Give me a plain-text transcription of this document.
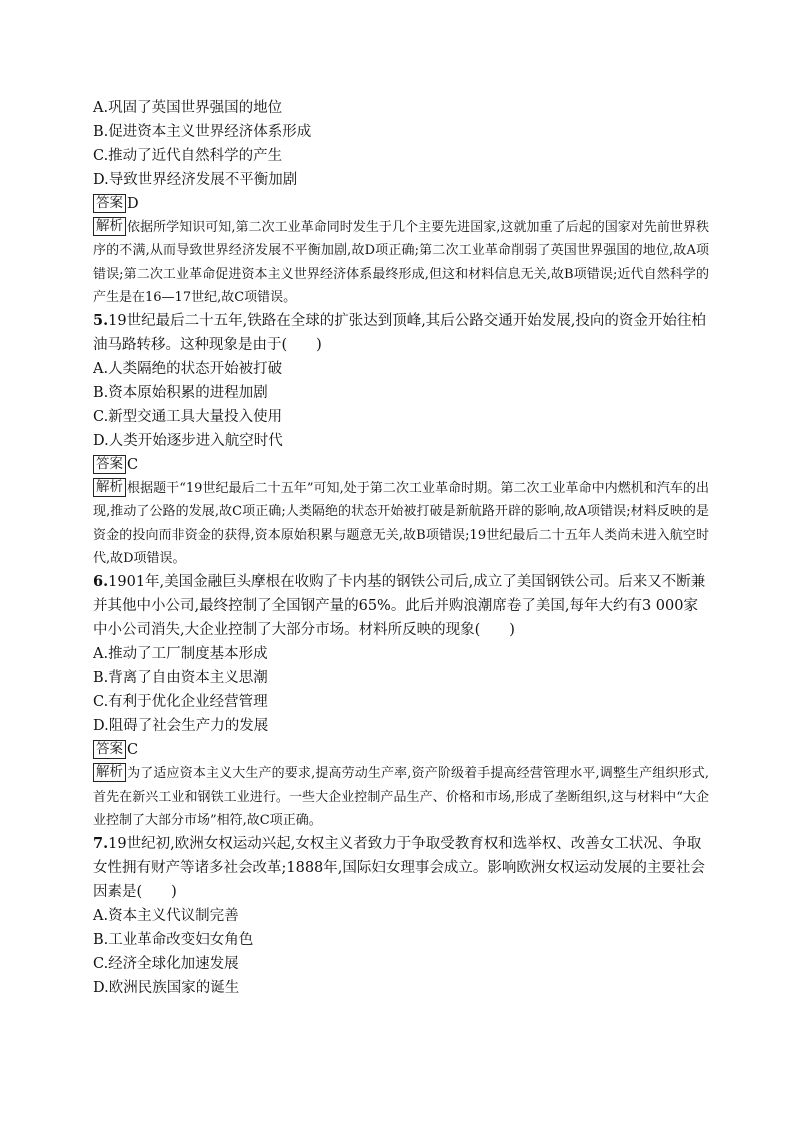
A.巩固了英国世界强国的地位

B.促进资本主义世界经济体系形成

C.推动了近代自然科学的产生

D.导致世界经济发展不平衡加剧

答案 D

解析 依据所学知识可知,第二次工业革命同时发生于几个主要先进国家,这就加重了后起的国家对先前世界秩序的不满,从而导致世界经济发展不平衡加剧,故D项正确;第二次工业革命削弱了英国世界强国的地位,故A项错误;第二次工业革命促进资本主义世界经济体系最终形成,但这和材料信息无关,故B项错误;近代自然科学的产生是在16—17世纪,故C项错误。

5.19世纪最后二十五年,铁路在全球的扩张达到顶峰,其后公路交通开始发展,投向的资金开始往柏油马路转移。这种现象是由于(　　)

A.人类隔绝的状态开始被打破

B.资本原始积累的进程加剧

C.新型交通工具大量投入使用

D.人类开始逐步进入航空时代

答案 C

解析 根据题干“19世纪最后二十五年”可知,处于第二次工业革命时期。第二次工业革命中内燃机和汽车的出现,推动了公路的发展,故C项正确;人类隔绝的状态开始被打破是新航路开辟的影响,故A项错误;材料反映的是资金的投向而非资金的获得,资本原始积累与题意无关,故B项错误;19世纪最后二十五年人类尚未进入航空时代,故D项错误。

6.1901年,美国金融巨头摩根在收购了卡内基的钢铁公司后,成立了美国钢铁公司。后来又不断兼并其他中小公司,最终控制了全国钢产量的65%。此后并购浪潮席卷了美国,每年大约有3 000家中小公司消失,大企业控制了大部分市场。材料所反映的现象(　　)

A.推动了工厂制度基本形成

B.背离了自由资本主义思潮

C.有利于优化企业经营管理

D.阻碍了社会生产力的发展

答案 C

解析 为了适应资本主义大生产的要求,提高劳动生产率,资产阶级着手提高经营管理水平,调整生产组织形式,首先在新兴工业和钢铁工业进行。一些大企业控制产品生产、价格和市场,形成了垄断组织,这与材料中“大企业控制了大部分市场”相符,故C项正确。

7.19世纪初,欧洲女权运动兴起,女权主义者致力于争取受教育权和选举权、改善女工状况、争取女性拥有财产等诸多社会改革;1888年,国际妇女理事会成立。影响欧洲女权运动发展的主要社会因素是(　　)

A.资本主义代议制完善

B.工业革命改变妇女角色

C.经济全球化加速发展

D.欧洲民族国家的诞生
